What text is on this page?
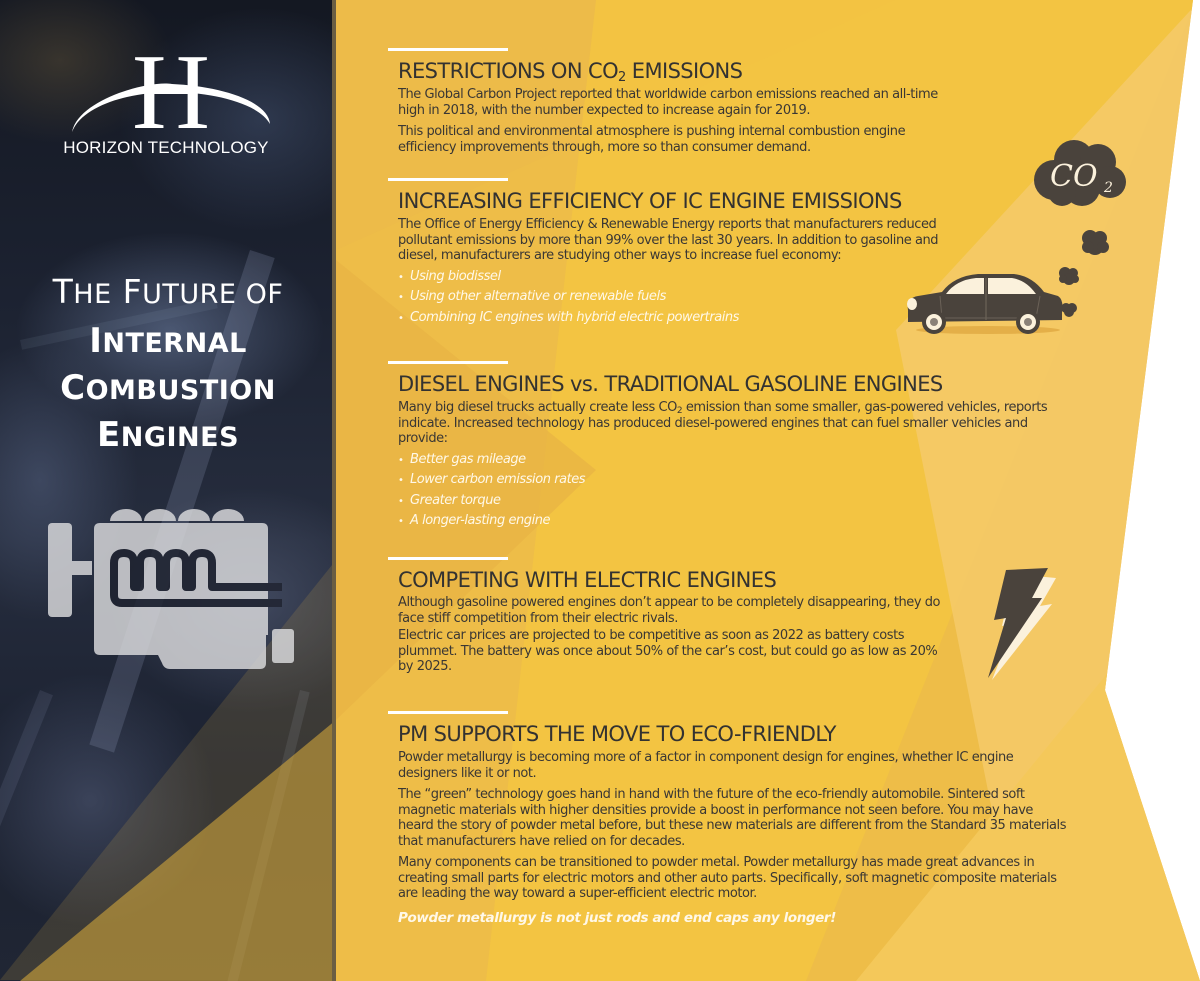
H
HORIZON TECHNOLOGY
THE FUTURE OF
INTERNAL
COMBUSTION
ENGINES
RESTRICTIONS ON $CO_2$ EMISSIONS

The Global Carbon Project reported that worldwide carbon emissions reached an all-time high in 2018, with the number expected to increase again for 2019.

This political and environmental atmosphere is pushing internal combustion engine efficiency improvements through, more so than consumer demand.

INCREASING EFFICIENCY OF IC ENGINE EMISSIONS

The Office of Energy Efficiency & Renewable Energy reports that manufacturers reduced pollutant emissions by more than 99% over the last 30 years. In addition to gasoline and diesel, manufacturers are studying other ways to increase fuel economy:

• Using biodissel
• Using other alternative or renewable fuels
• Combining IC engines with hybrid electric powertrains
DIESEL ENGINES vs. TRADITIONAL GASOLINE ENGINES

Many big diesel trucks actually create less $CO_2$ emission than some smaller, gas-powered vehicles, reports indicate. Increased technology has produced diesel-powered engines that can fuel smaller vehicles and provide:

• Better gas mileage
• Lower carbon emission rates
• Greater torque
• A longer-lasting engine
COMPETING WITH ELECTRIC ENGINES

Although gasoline powered engines don’t appear to be completely disappearing, they do face stiff competition from their electric rivals.

Electric car prices are projected to be competitive as soon as 2022 as battery costs plummet. The battery was once about 50% of the car’s cost, but could go as low as 20% by 2025.

PM SUPPORTS THE MOVE TO ECO-FRIENDLY

Powder metallurgy is becoming more of a factor in component design for engines, whether IC engine designers like it or not.

The “green” technology goes hand in hand with the future of the eco-friendly automobile. Sintered soft magnetic materials with higher densities provide a boost in performance not seen before. You may have heard the story of powder metal before, but these new materials are different from the Standard 35 materials that manufacturers have relied on for decades.

Many components can be transitioned to powder metal. Powder metallurgy has made great advances in creating small parts for electric motors and other auto parts. Specifically, soft magnetic composite materials are leading the way toward a super-efficient electric motor.

Powder metallurgy is not just rods and end caps any longer!
CO 2
